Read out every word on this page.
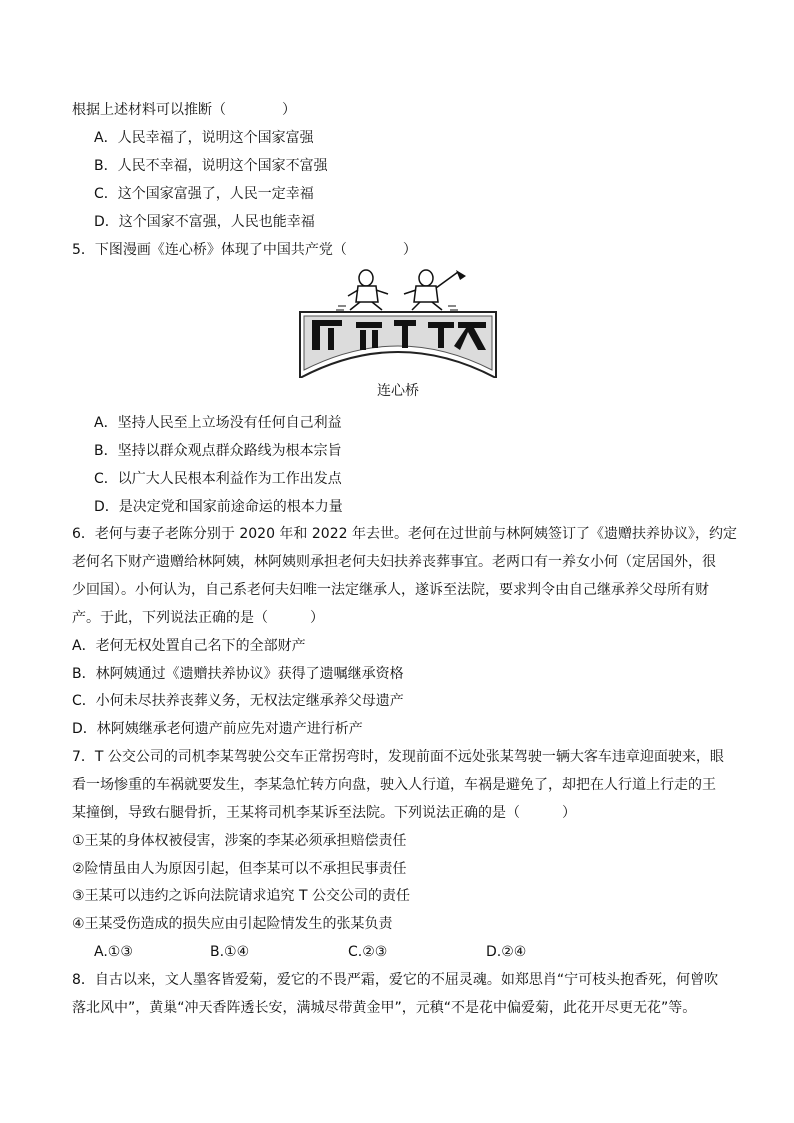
根据上述材料可以推断（　　　　）
A．人民幸福了，说明这个国家富强
B．人民不幸福，说明这个国家不富强
C．这个国家富强了，人民一定幸福
D．这个国家不富强，人民也能幸福
5．下图漫画《连心桥》体现了中国共产党（　　　　）
连心桥
A．坚持人民至上立场没有任何自己利益
B．坚持以群众观点群众路线为根本宗旨
C．以广大人民根本利益作为工作出发点
D．是决定党和国家前途命运的根本力量
6．老何与妻子老陈分别于 2020 年和 2022 年去世。老何在过世前与林阿姨签订了《遗赠扶养协议》，约定
老何名下财产遗赠给林阿姨，林阿姨则承担老何夫妇扶养丧葬事宜。老两口有一养女小何（定居国外，很
少回国）。小何认为，自己系老何夫妇唯一法定继承人，遂诉至法院，要求判令由自己继承养父母所有财
产。于此，下列说法正确的是（　　　）
A．老何无权处置自己名下的全部财产
B．林阿姨通过《遗赠扶养协议》获得了遗嘱继承资格
C．小何未尽扶养丧葬义务，无权法定继承养父母遗产
D．林阿姨继承老何遗产前应先对遗产进行析产
7．T 公交公司的司机李某驾驶公交车正常拐弯时，发现前面不远处张某驾驶一辆大客车违章迎面驶来，眼
看一场惨重的车祸就要发生，李某急忙转方向盘，驶入人行道，车祸是避免了，却把在人行道上行走的王
某撞倒，导致右腿骨折，王某将司机李某诉至法院。下列说法正确的是（　　　）
①王某的身体权被侵害，涉案的李某必须承担赔偿责任
②险情虽由人为原因引起，但李某可以不承担民事责任
③王某可以违约之诉向法院请求追究 T 公交公司的责任
④王某受伤造成的损失应由引起险情发生的张某负责
A.①③	B.①④	C.②③	D.②④
8．自古以来，文人墨客皆爱菊，爱它的不畏严霜，爱它的不屈灵魂。如郑思肖“宁可枝头抱香死，何曾吹
落北风中”，黄巢“冲天香阵透长安，满城尽带黄金甲”，元稹“不是花中偏爱菊，此花开尽更无花”等。
